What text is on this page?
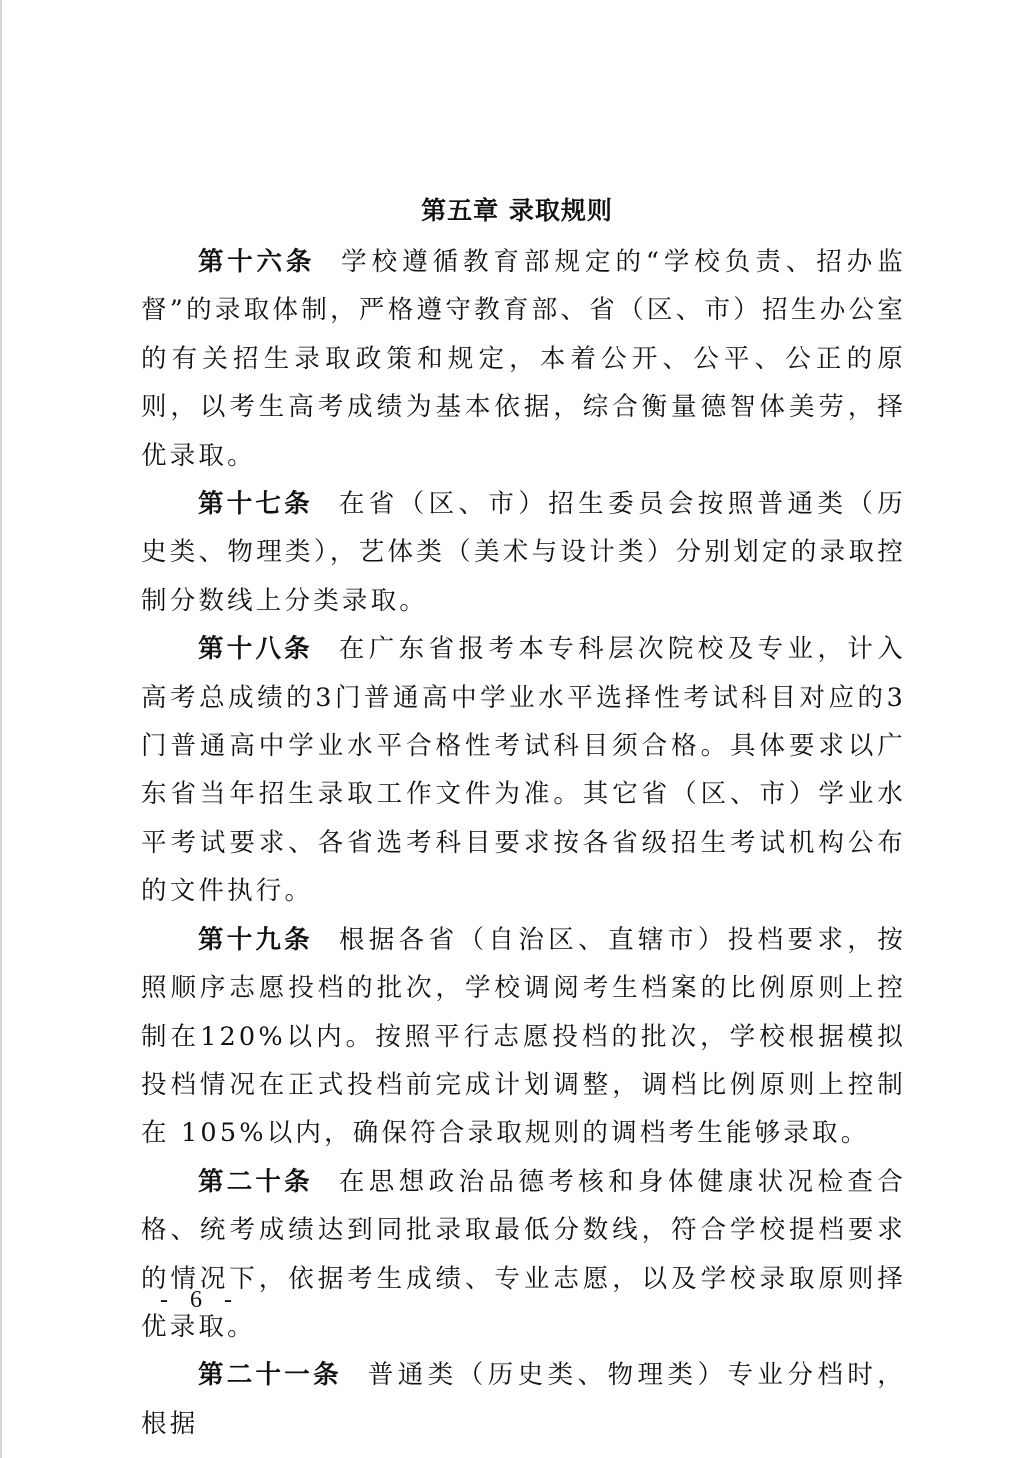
第五章 录取规则

第十六条 学校遵循教育部规定的“学校负责、招办监督”的录取体制，严格遵守教育部、省（区、市）招生办公室的有关招生录取政策和规定，本着公开、公平、公正的原则，以考生高考成绩为基本依据，综合衡量德智体美劳，择优录取。

第十七条 在省（区、市）招生委员会按照普通类（历史类、物理类），艺体类（美术与设计类）分别划定的录取控制分数线上分类录取。

第十八条 在广东省报考本专科层次院校及专业，计入高考总成绩的3门普通高中学业水平选择性考试科目对应的3门普通高中学业水平合格性考试科目须合格。具体要求以广东省当年招生录取工作文件为准。其它省（区、市）学业水平考试要求、各省选考科目要求按各省级招生考试机构公布的文件执行。

第十九条 根据各省（自治区、直辖市）投档要求，按照顺序志愿投档的批次，学校调阅考生档案的比例原则上控制在120%以内。按照平行志愿投档的批次，学校根据模拟投档情况在正式投档前完成计划调整，调档比例原则上控制在 105%以内，确保符合录取规则的调档考生能够录取。

第二十条 在思想政治品德考核和身体健康状况检查合格、统考成绩达到同批录取最低分数线，符合学校提档要求的情况下，依据考生成绩、专业志愿，以及学校录取原则择优录取。

第二十一条 普通类（历史类、物理类）专业分档时，根据

- 6 -
